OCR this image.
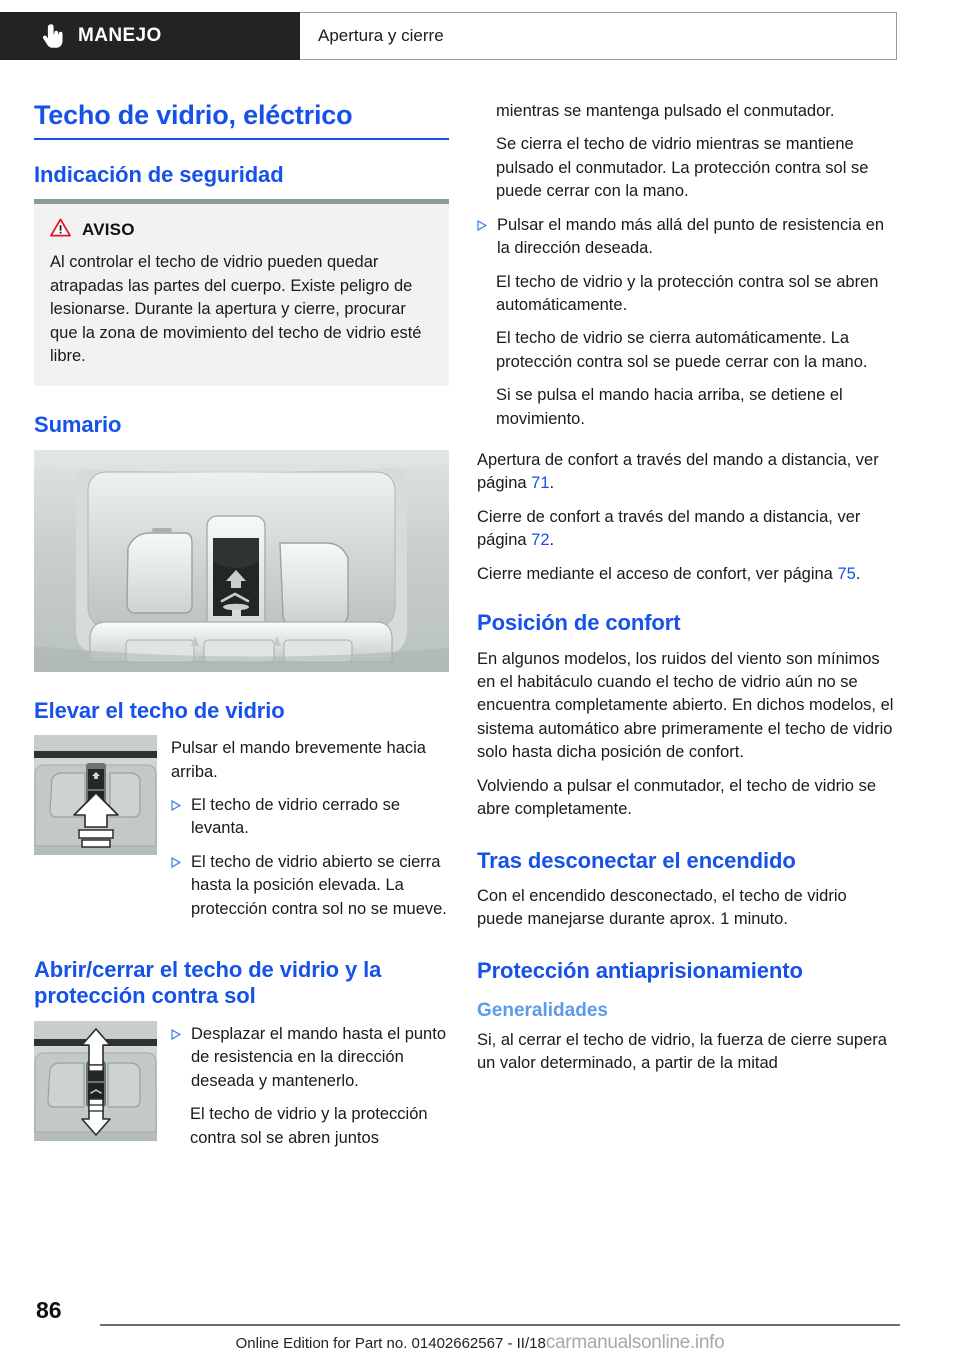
MANEJO	Apertura y cierre
Techo de vidrio, eléctrico
Indicación de seguridad
AVISO
Al controlar el techo de vidrio pueden quedar atrapadas las partes del cuerpo. Existe peligro de lesionarse. Durante la apertura y cierre, procurar que la zona de movimiento del techo de vidrio esté libre.
Sumario
Elevar el techo de vidrio

Pulsar el mando brevemente hacia arriba.

El techo de vidrio cerrado se levanta.
El techo de vidrio abierto se cierra hasta la posición elevada. La protección contra sol no se mueve.
Abrir/cerrar el techo de vidrio y la protección contra sol
Desplazar el mando hasta el punto de resistencia en la dirección deseada y mantenerlo.

El techo de vidrio y la protección contra sol se abren juntos

mientras se mantenga pulsado el conmutador.

Se cierra el techo de vidrio mientras se mantiene pulsado el conmutador. La protección contra sol se puede cerrar con la mano.

Pulsar el mando más allá del punto de resistencia en la dirección deseada.

El techo de vidrio y la protección contra sol se abren automáticamente.

El techo de vidrio se cierra automáticamente. La protección contra sol se puede cerrar con la mano.

Si se pulsa el mando hacia arriba, se detiene el movimiento.

Apertura de confort a través del mando a distancia, ver página 71.

Cierre de confort a través del mando a distancia, ver página 72.

Cierre mediante el acceso de confort, ver página 75.

Posición de confort

En algunos modelos, los ruidos del viento son mínimos en el habitáculo cuando el techo de vidrio aún no se encuentra completamente abierto. En dichos modelos, el sistema automático abre primeramente el techo de vidrio solo hasta dicha posición de confort.

Volviendo a pulsar el conmutador, el techo de vidrio se abre completamente.

Tras desconectar el encendido

Con el encendido desconectado, el techo de vidrio puede manejarse durante aprox. 1 minuto.

Protección antiaprisionamiento
Generalidades

Si, al cerrar el techo de vidrio, la fuerza de cierre supera un valor determinado, a partir de la mitad

86
Online Edition for Part no. 01402662567 - II/18carmanualsonline.info
